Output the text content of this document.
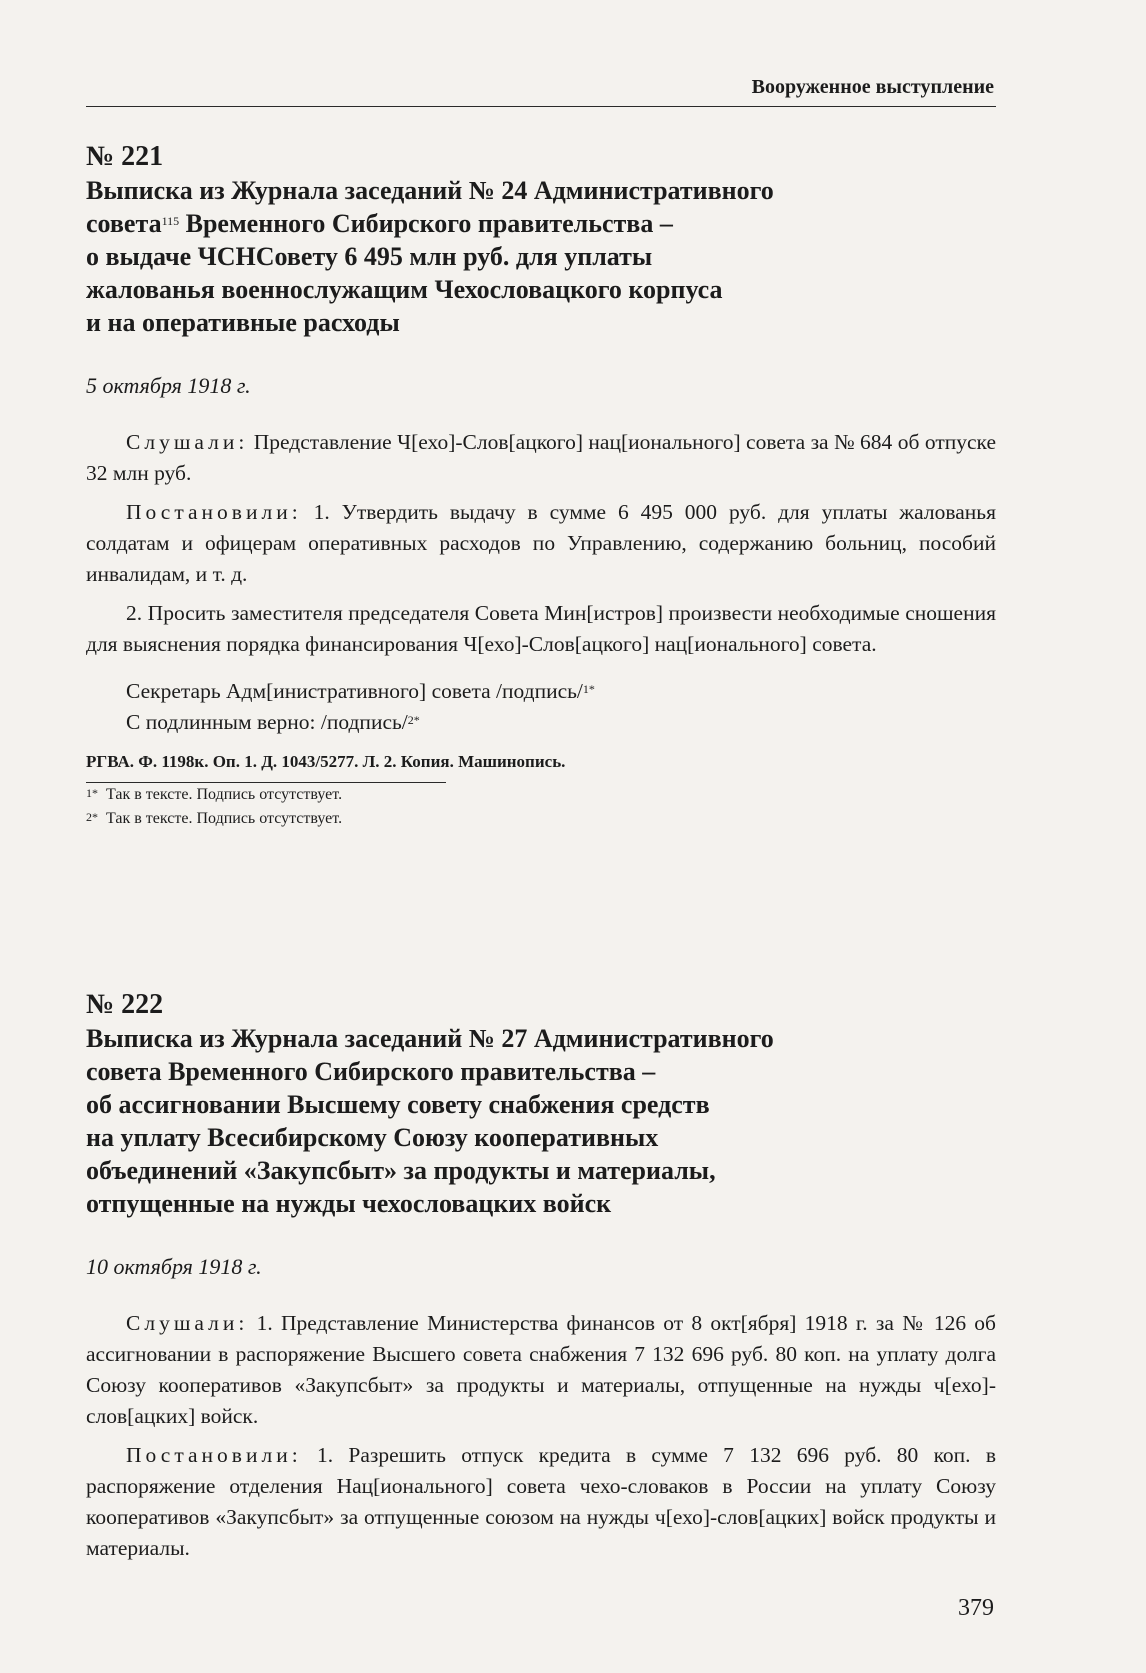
Вооруженное выступление
№ 221
Выписка из Журнала заседаний № 24 Административного
совета$^{115}$ Временного Сибирского правительства –
о выдаче ЧСНСовету 6 495 млн руб. для уплаты
жалованья военнослужащим Чехословацкого корпуса
и на оперативные расходы
5 октября 1918 г.

Слушали: Представление Ч[ехо]-Слов[ацкого] нац[ионального] совета за № 684 об отпуске 32 млн руб.

Постановили: 1. Утвердить выдачу в сумме 6 495 000 руб. для уплаты жалованья солдатам и офицерам оперативных расходов по Управлению, содержанию больниц, пособий инвалидам, и т. д.

2. Просить заместителя председателя Совета Мин[истров] произвести необходимые сношения для выяснения порядка финансирования Ч[ехо]-Слов[ацкого] нац[ионального] совета.

Секретарь Адм[инистративного] совета /подпись/$^{1*}$
С подлинным верно: /подпись/$^{2*}$
РГВА. Ф. 1198к. Оп. 1. Д. 1043/5277. Л. 2. Копия. Машинопись.
$^{1*}$ Так в тексте. Подпись отсутствует.
$^{2*}$ Так в тексте. Подпись отсутствует.
№ 222
Выписка из Журнала заседаний № 27 Административного
совета Временного Сибирского правительства –
об ассигновании Высшему совету снабжения средств
на уплату Всесибирскому Союзу кооперативных
объединений «Закупсбыт» за продукты и материалы,
отпущенные на нужды чехословацких войск
10 октября 1918 г.

Слушали: 1. Представление Министерства финансов от 8 окт[ября] 1918 г. за № 126 об ассигновании в распоряжение Высшего совета снабжения 7 132 696 руб. 80 коп. на уплату долга Союзу кооперативов «Закупсбыт» за продукты и материалы, отпущенные на нужды ч[ехо]-слов[ацких] войск.

Постановили: 1. Разрешить отпуск кредита в сумме 7 132 696 руб. 80 коп. в распоряжение отделения Нац[ионального] совета чехо-словаков в России на уплату Союзу кооперативов «Закупсбыт» за отпущенные союзом на нужды ч[ехо]-слов[ацких] войск продукты и материалы.

379
